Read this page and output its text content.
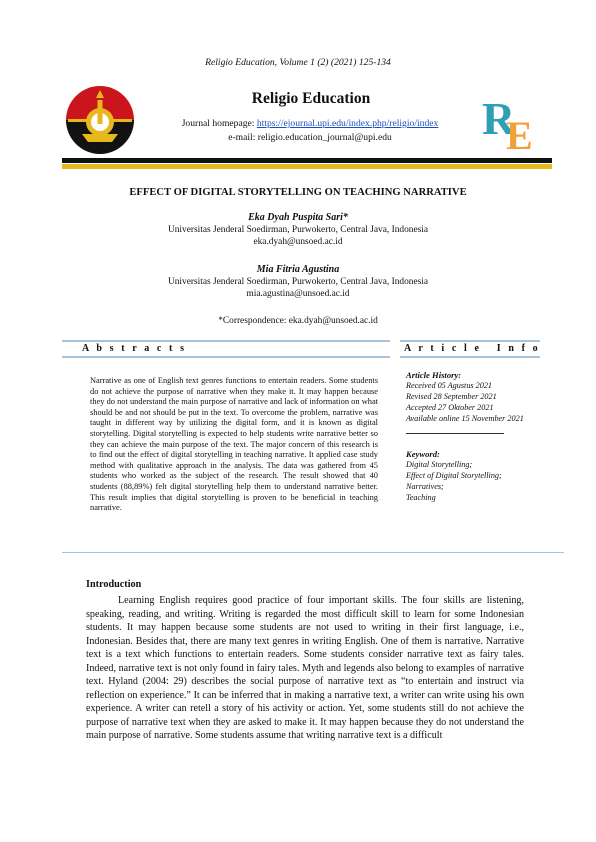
Religio Education, Volume 1 (2) (2021) 125-134
Religio Education
Journal homepage: https://ejournal.upi.edu/index.php/religio/index
e-mail: religio.education_journal@upi.edu	R
E
EFFECT OF DIGITAL STORYTELLING ON TEACHING NARRATIVE
Eka Dyah Puspita Sari*
Universitas Jenderal Soedirman, Purwokerto, Central Java, Indonesia
eka.dyah@unsoed.ac.id
Mia Fitria Agustina
Universitas Jenderal Soedirman, Purwokerto, Central Java, Indonesia
mia.agustina@unsoed.ac.id
*Correspondence: eka.dyah@unsoed.ac.id
A b s t r a c t s	A r t i c l e   I n f o
Narrative as one of English text genres functions to entertain readers. Some students do not achieve the purpose of narrative when they make it. It may happen because they do not understand the main purpose of narrative and lack of information on what should be and not should be put in the text. To overcome the problem, narrative was taught in different way by utilizing the digital form, and it is known as digital storytelling. Digital storytelling is expected to help students write narrative better so they can achieve the main purpose of the text. The major concern of this research is to find out the effect of digital storytelling in teaching narrative. It applied case study method with qualitative approach in the analysis. The data was gathered from 45 students who worked as the subject of the research. The result showed that 40 students (88,89%) felt digital storytelling help them to understand narrative better. This result implies that digital storytelling is proven to be beneficial in teaching narrative.
Article History:
Received 05 Agustus 2021
Revised 28 September 2021
Accepted 27 Oktober 2021
Available online 15 November 2021
Keyword:
Digital Storytelling;
Effect of Digital Storytelling;
Narratives;
Teaching
Introduction

Learning English requires good practice of four important skills. The four skills are listening, speaking, reading, and writing. Writing is regarded the most difficult skill to learn for some Indonesian students. It may happen because some students are not used to writing in their first language, i.e., Indonesian. Besides that, there are many text genres in writing English. One of them is narrative. Narrative text is a text which functions to entertain readers. Some students consider narrative text as fairy tales. Indeed, narrative text is not only found in fairy tales. Myth and legends also belong to examples of narrative text. Hyland (2004: 29) describes the social purpose of narrative text as “to entertain and instruct via reflection on experience.” It can be inferred that in making a narrative text, a writer can write using his own experience. A writer can retell a story of his activity or action. Yet, some students still do not achieve the purpose of narrative text when they are asked to make it. It may happen because they do not understand the main purpose of narrative. Some students assume that writing narrative text is a difficult
